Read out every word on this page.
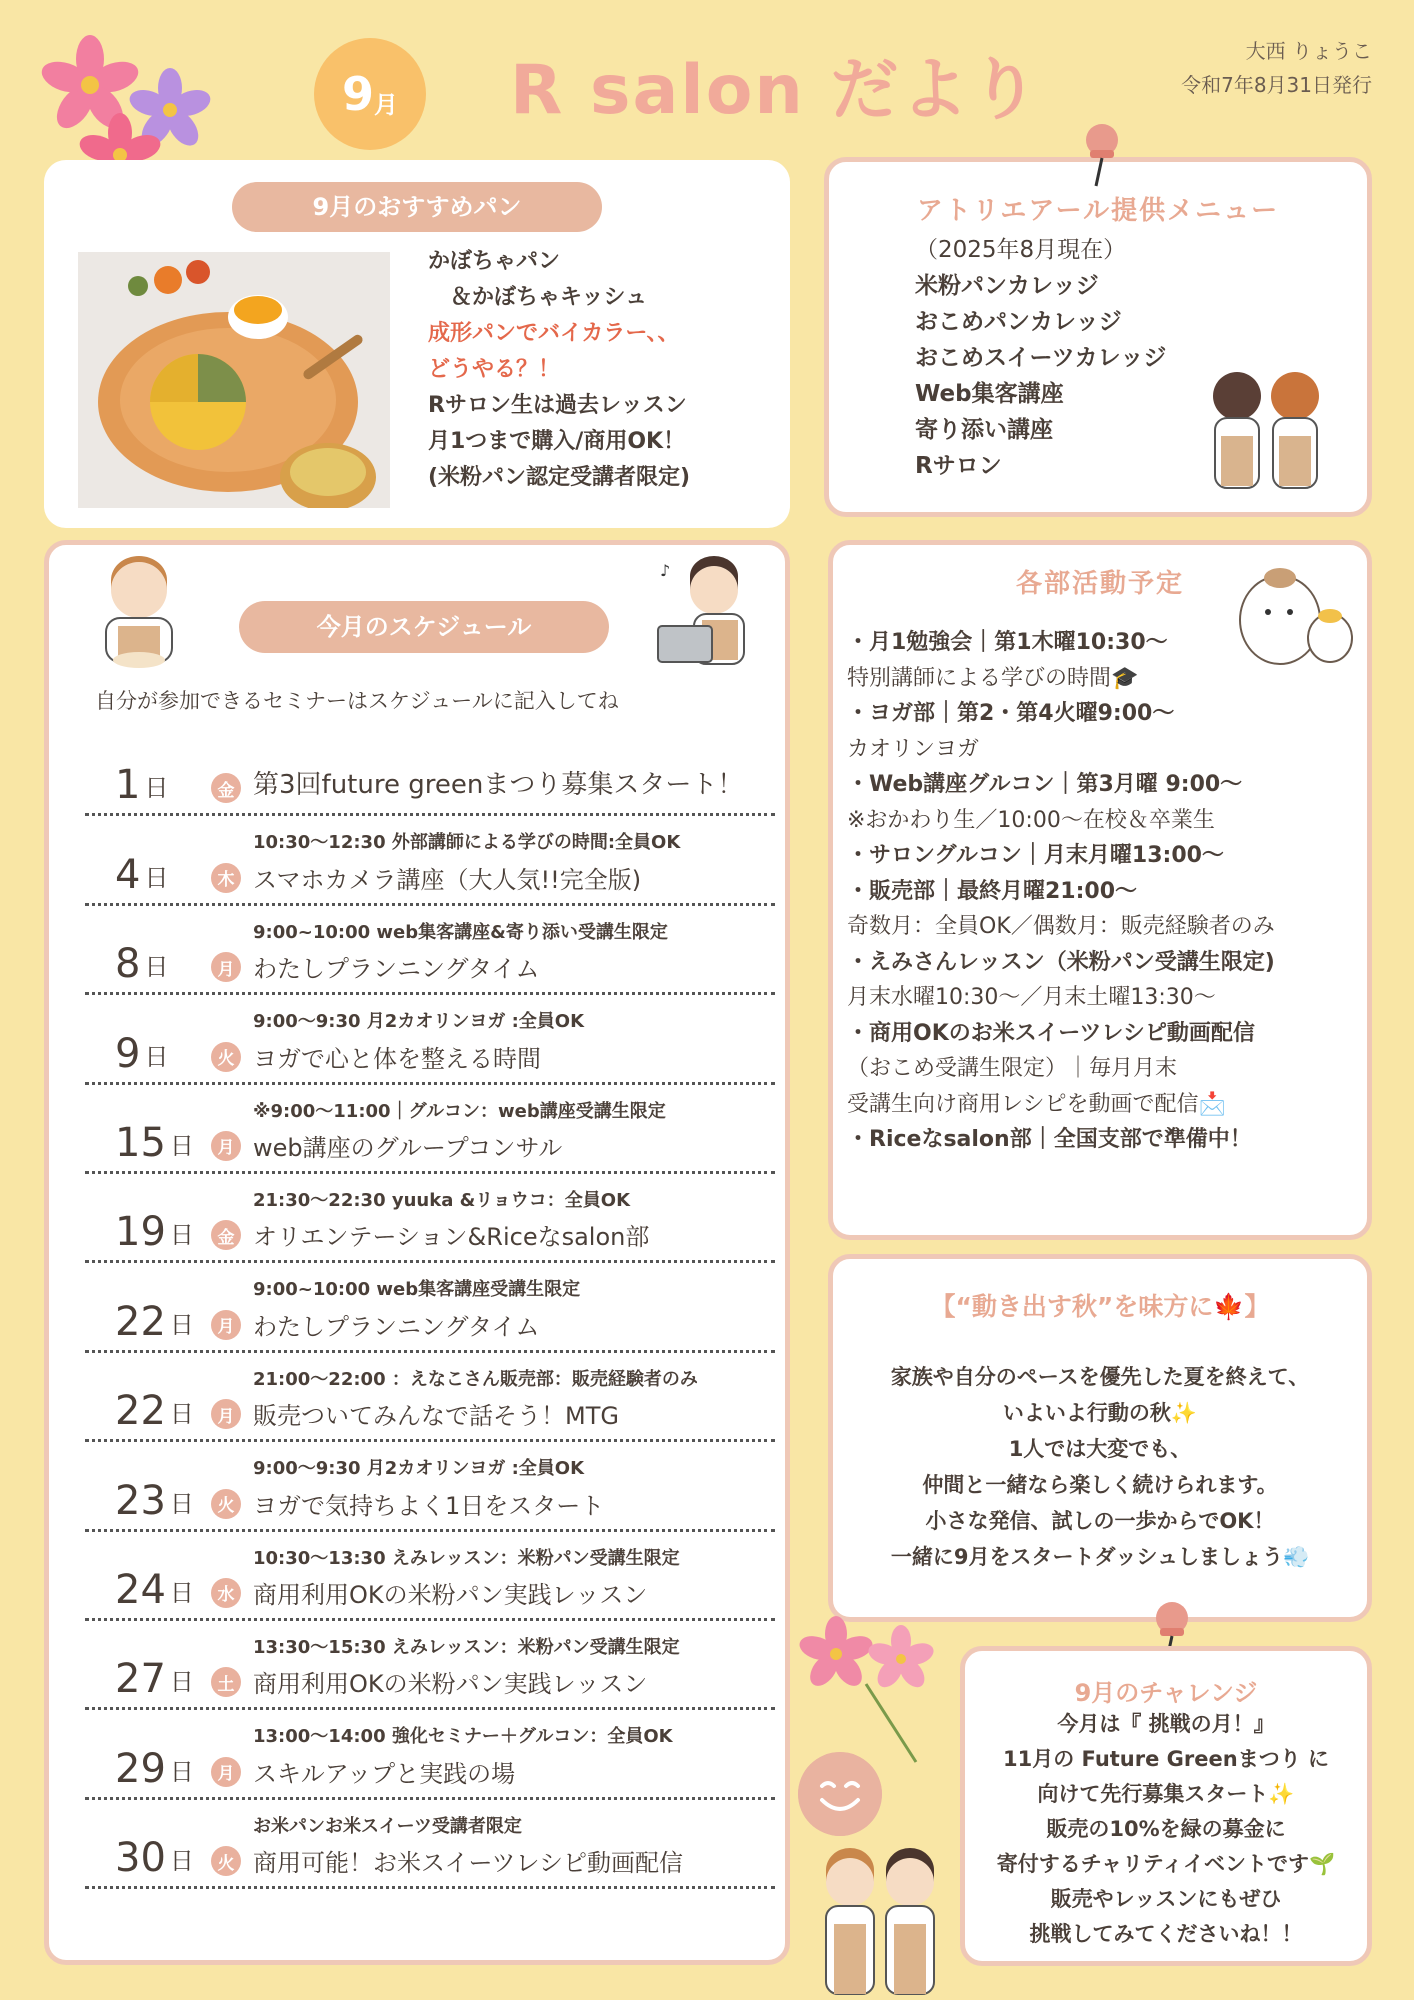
9 月 R salon だより	大西 りょうこ
令和7年8月31日発行
9月のおすすめパン
かぼちゃパン
　＆かぼちゃキッシュ
成形パンでバイカラー、、
どうやる？！
Rサロン生は過去レッスン
月1つまで購入/商用OK！
(米粉パン認定受講者限定)
アトリエアール提供メニュー
（2025年8月現在）
米粉パンカレッジ
おこめパンカレッジ
おこめスイーツカレッジ
Web集客講座
寄り添い講座
Rサロン
今月のスケジュール
自分が参加できるセミナーはスケジュールに記入してね
1 日	金 第3回future greenまつり募集スタート！
4 日	木
10:30〜12:30 外部講師による学びの時間:全員OK
スマホカメラ講座（大人気!!完全版)
8 日	月
9:00~10:00 web集客講座&寄り添い受講生限定
わたしプランニングタイム
9 日	火
9:00〜9:30 月2カオリンヨガ :全員OK
ヨガで心と体を整える時間
15 日	月
※9:00〜11:00｜グルコン：web講座受講生限定
web講座のグループコンサル
19 日	金
21:30〜22:30 yuuka &リョウコ：全員OK
オリエンテーション&Riceなsalon部
22 日	月
9:00~10:00 web集客講座受講生限定
わたしプランニングタイム
22 日	月
21:00〜22:00 ：えなこさん販売部：販売経験者のみ
販売ついてみんなで話そう！MTG
23 日	火
9:00〜9:30 月2カオリンヨガ :全員OK
ヨガで気持ちよく1日をスタート
24 日	水
10:30〜13:30 えみレッスン：米粉パン受講生限定
商用利用OKの米粉パン実践レッスン
27 日	土
13:30〜15:30 えみレッスン：米粉パン受講生限定
商用利用OKの米粉パン実践レッスン
29 日	月
13:00〜14:00 強化セミナー＋グルコン：全員OK
スキルアップと実践の場
30 日	火
お米パンお米スイーツ受講者限定
商用可能！お米スイーツレシピ動画配信
♪	各部活動予定
・月1勉強会｜第1木曜10:30〜
特別講師による学びの時間🎓
・ヨガ部｜第2・第4火曜9:00〜
カオリンヨガ
・Web講座グルコン｜第3月曜 9:00〜
※おかわり生／10:00〜在校＆卒業生
・サロングルコン｜月末月曜13:00〜
・販売部｜最終月曜21:00〜
奇数月：全員OK／偶数月：販売経験者のみ
・えみさんレッスン（米粉パン受講生限定)
月末水曜10:30〜／月末土曜13:30〜
・商用OKのお米スイーツレシピ動画配信
（おこめ受講生限定）｜毎月月末
受講生向け商用レシピを動画で配信📩
・Riceなsalon部｜全国支部で準備中！
【“動き出す秋”を味方に🍁】
家族や自分のペースを優先した夏を終えて、
いよいよ行動の秋✨
1人では大変でも、
仲間と一緒なら楽しく続けられます。
小さな発信、試しの一歩からでOK！
一緒に9月をスタートダッシュしましょう💨
9月のチャレンジ
今月は『 挑戦の月！』
11月の Future Greenまつり に
向けて先行募集スタート✨
販売の10%を緑の募金に
寄付するチャリティイベントです🌱
販売やレッスンにもぜひ
挑戦してみてくださいね！！
